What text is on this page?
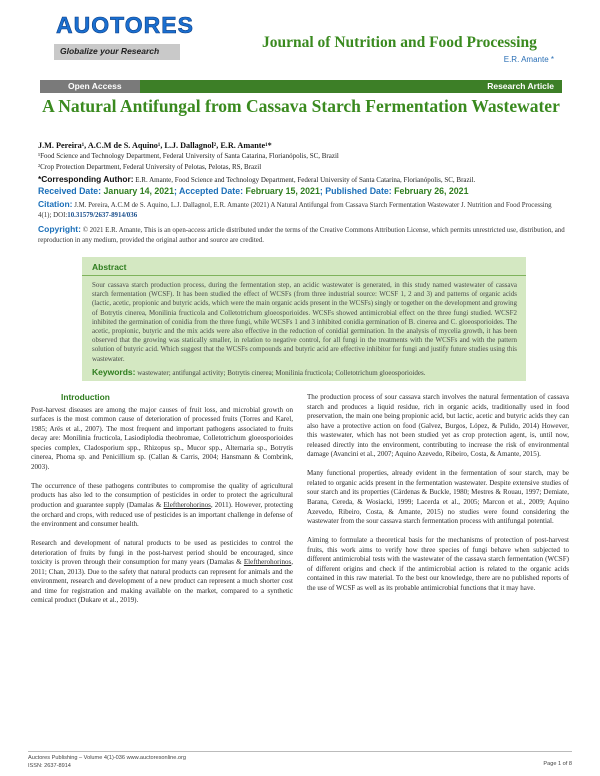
AUOTORES
Globalize your Research	Journal of Nutrition and Food Processing
E.R. Amante *
Open Access	Research Article
A Natural Antifungal from Cassava Starch Fermentation Wastewater
J.M. Pereira¹, A.C.M de S. Aquino¹, L.J. Dallagnol², E.R. Amante¹*
¹Food Science and Technology Department, Federal University of Santa Catarina, Florianópolis, SC, Brazil
²Crop Protection Department, Federal University of Pelotas, Pelotas, RS, Brazil
*Corresponding Author: E.R. Amante, Food Science and Technology Department, Federal University of Santa Catarina, Florianópolis, SC, Brazil.
Received Date: January 14, 2021; Accepted Date: February 15, 2021; Published Date: February 26, 2021
Citation: J.M. Pereira, A.C.M de S. Aquino, L.J. Dallagnol, E.R. Amante (2021) A Natural Antifungal from Cassava Starch Fermentation Wastewater J. Nutrition and Food Processing 4(1); DOI:10.31579/2637-8914/036
Copyright: © 2021 E.R. Amante, This is an open-access article distributed under the terms of the Creative Commons Attribution License, which permits unrestricted use, distribution, and reproduction in any medium, provided the original author and source are credited.
Abstract
Sour cassava starch production process, during the fermentation step, an acidic wastewater is generated, in this study named wastewater of cassava starch fermentation (WCSF). It has been studied the effect of WCSFs (from three industrial source: WCSF 1, 2 and 3) and patterns of organic acids (lactic, acetic, propionic and butyric acids, which were the main organic acids present in the WCSFs) singly or together on the development and growing of Botrytis cinerea, Monilinia fructicola and Colletotrichum gloeosporioides. WCSFs showed antimicrobial effect on the three fungi studied. WCSF2 inhibited the germination of conidia from the three fungi, while WCSFs 1 and 3 inhibited conidia germination of B. cinerea and C. gloeosporioides. The acetic, propionic, butyric and the mix acids were also effective in the reduction of conidial germination. In the analysis of mycelia growth, it has been observed that the growing was statically smaller, in relation to negative control, for all fungi in the treatments with the WCSFs and with the pattern solution of butyric acid. Which suggest that the WCSFs compounds and butyric acid are effective inhibitor for fungi and justify future studies using this wastewater.
Keywords: wastewater; antifungal activity; Botrytis cinerea; Monilinia fructicola; Colletotrichum gloeosporioides.
Introduction

Post-harvest diseases are among the major causes of fruit loss, and microbial growth on surfaces is the most common cause of deterioration of processed fruits (Torres and Karel, 1985; Arës et al., 2007). The most frequent and important pathogens associated to fruits decay are: Monilinia fructicola, Lasiodiplodia theobromae, Colletotrichum gloeosporioides species complex, Cladosporium spp., Rhizopus sp., Mucor spp., Alternaria sp., Botrytis cinerea, Phoma sp. and Penicillium sp. (Callan & Carris, 2004; Hansmann & Combrink, 2003).

The occurrence of these pathogens contributes to compromise the quality of agricultural products has also led to the consumption of pesticides in order to protect the agricultural production and guarantee supply (Damalas & Eleftherohorinos, 2011). However, protecting the orchard and crops, with reduced use of pesticides is an important challenge in defense of the environment and consumer health.

Research and development of natural products to be used as pesticides to control the deterioration of fruits by fungi in the post-harvest period should be encouraged, since toxicity is proven through their consumption for many years (Damalas & Eleftherohorinos, 2011; Chan, 2013). Due to the safety that natural products can represent for animals and the environment, research and development of a new product can represent a much shorter cost and time for registration and making available on the market, compared to a synthetic cemical product (Dukare et al., 2019).

The production process of sour cassava starch involves the natural fermentation of cassava starch and produces a liquid residue, rich in organic acids, traditionally used in food preservation, the main one being propionic acid, but lactic, acetic and butyric acids they can also have a protective action on food (Galvez, Burgos, López, & Pulido, 2014) However, this wastewater, which has not been studied yet as crop protection agent, is, until now, released directly into the environment, contributing to increase the risk of environmental damage (Avancini et al., 2007; Aquino Azevedo, Ribeiro, Costa, & Amante, 2015).

Many functional properties, already evident in the fermentation of sour starch, may be related to organic acids present in the fermentation wastewater. Despite extensive studies of sour starch and its properties (Cárdenas & Buckle, 1980; Mestres & Rouau, 1997; Demiate, Barana, Cereda, & Wosiacki, 1999; Lacerda et al., 2005; Marcon et al., 2009; Aquino Azevedo, Ribeiro, Costa, & Amante, 2015) no studies were found considering the wastewater from the sour cassava starch fermentation process with antifungal potential.

Aiming to formulate a theoretical basis for the mechanisms of protection of post-harvest fruits, this work aims to verify how three species of fungi behave when subjected to different antimicrobial tests with the wastewater of the cassava starch fermentation (WCSF) of different origins and check if the antimicrobial action is related to the organic acids contained in this raw material. To the best our knowledge, there are no published reports of the use of WCSF as well as its probable antimicrobial functions that it may have.

Auctores Publishing – Volume 4(1)-036 www.auctoresonline.org
ISSN: 2637-8914	Page 1 of 8
